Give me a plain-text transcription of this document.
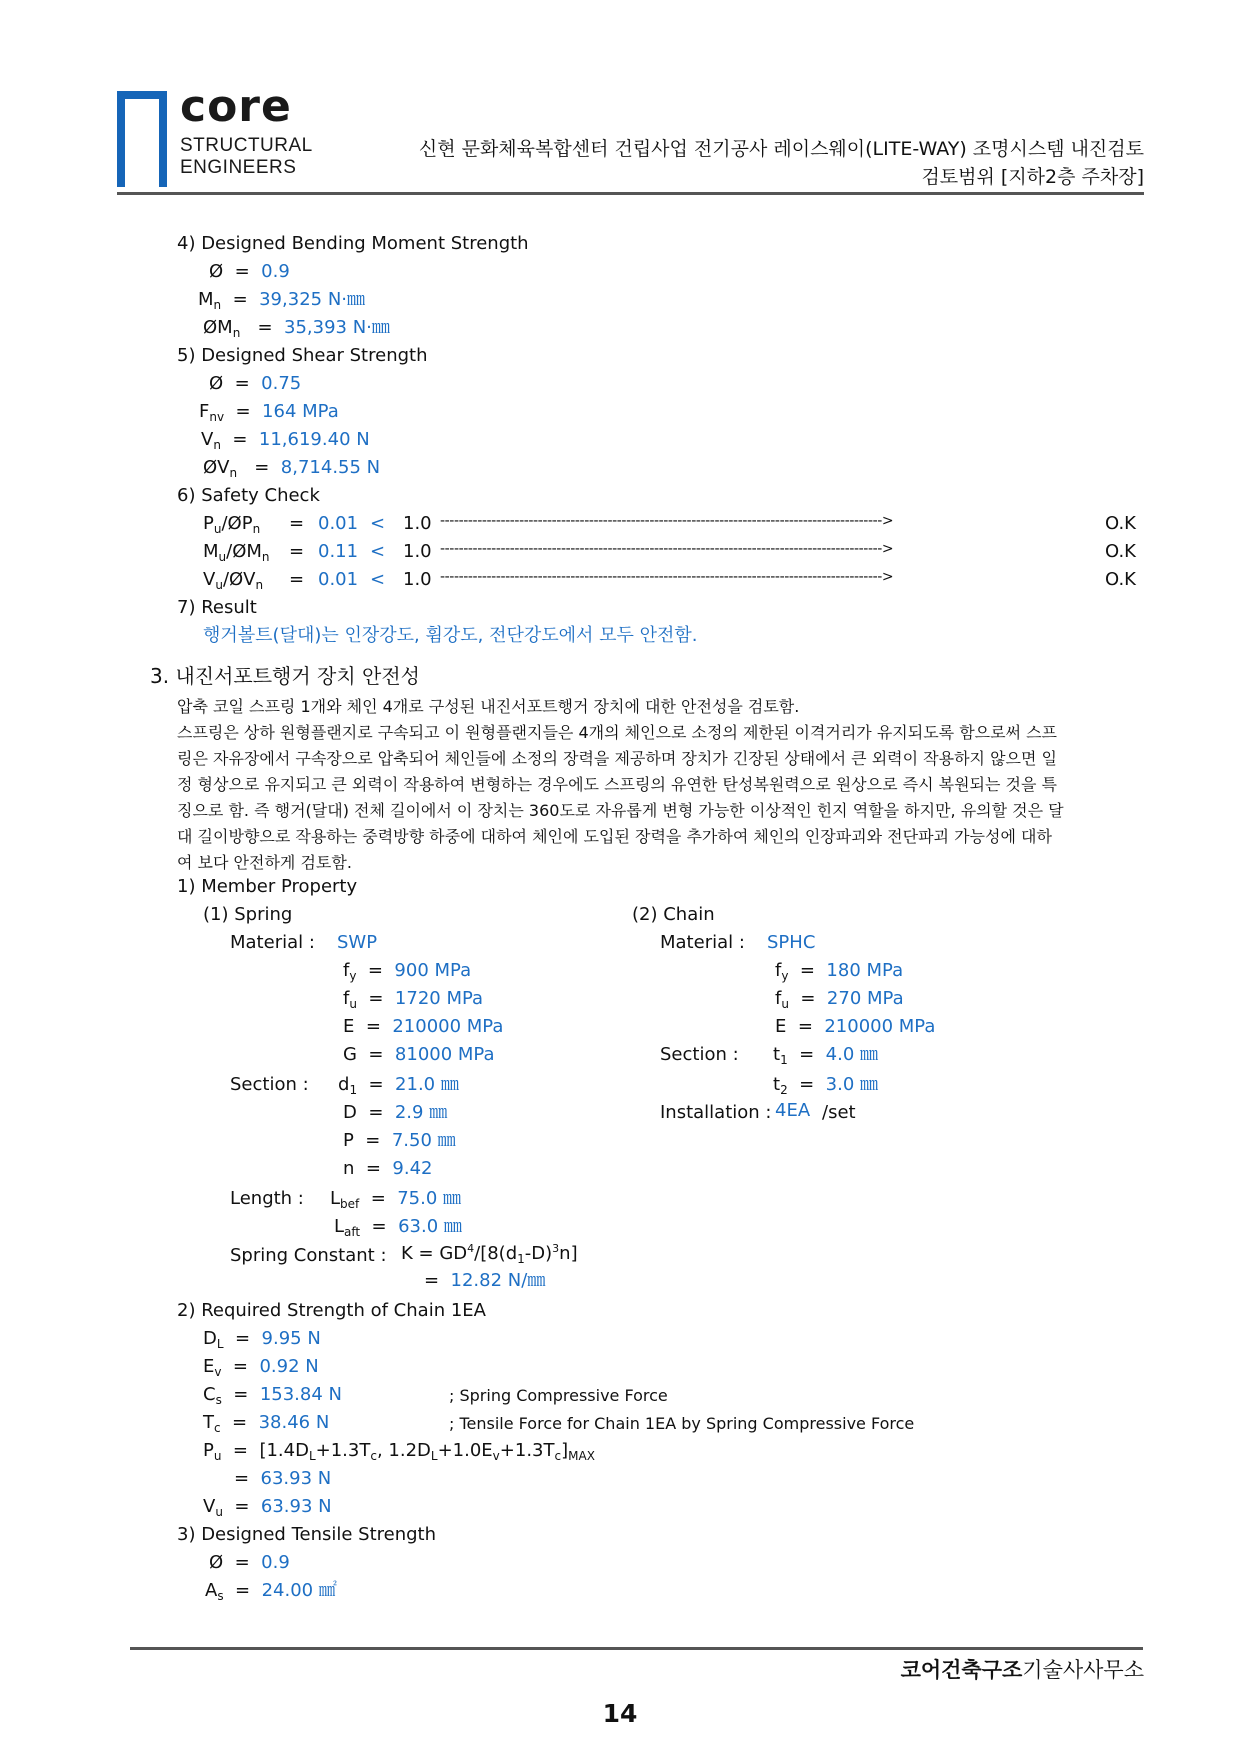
core
STRUCTURAL
ENGINEERS
신현 문화체육복합센터 건립사업 전기공사 레이스웨이(LITE-WAY) 조명시스템 내진검토
검토범위 [지하2층 주차장]
4) Designed Bending Moment Strength
Ø  =  0.9
$M_n = 39,325$ N·㎜
$ØM_n = 35,393$ N·㎜
5) Designed Shear Strength
Ø  =  0.75
$F_{nv} = 164$ MPa
$V_n = 11,619.40$ N
$ØV_n = 8,714.55$ N
6) Safety Check
$P_u/ØP_n = 0.01 < 1.0$ ----------------------------------------------------------------------------------------------->	O.K
$M_u/ØM_n = 0.11 < 1.0$ ----------------------------------------------------------------------------------------------->	O.K
$V_u/ØV_n = 0.01 < 1.0$ ----------------------------------------------------------------------------------------------->	O.K
7) Result
행거볼트(달대)는 인장강도, 휨강도, 전단강도에서 모두 안전함.
3. 내진서포트행거 장치 안전성

압축 코일 스프링 1개와 체인 4개로 구성된 내진서포트행거 장치에 대한 안전성을 검토함.

스프링은 상하 원형플랜지로 구속되고 이 원형플랜지들은 4개의 체인으로 소정의 제한된 이격거리가 유지되도록 함으로써 스프

링은 자유장에서 구속장으로 압축되어 체인들에 소정의 장력을 제공하며 장치가 긴장된 상태에서 큰 외력이 작용하지 않으면 일

정 형상으로 유지되고 큰 외력이 작용하여 변형하는 경우에도 스프링의 유연한 탄성복원력으로 원상으로 즉시 복원되는 것을 특

징으로 함. 즉 행거(달대) 전체 길이에서 이 장치는 360도로 자유롭게 변형 가능한 이상적인 힌지 역할을 하지만, 유의할 것은 달

대 길이방향으로 작용하는 중력방향 하중에 대하여 체인에 도입된 장력을 추가하여 체인의 인장파괴와 전단파괴 가능성에 대하

여 보다 안전하게 검토함.

1) Member Property
(1) Spring
Material : SWP
$f_y = 900$ MPa
$f_u = 1720$ MPa
E  =  210000 MPa
G  =  81000 MPa
Section : $d_1 = 21.0$ ㎜
D  =  2.9 ㎜
P  =  7.50 ㎜
n  =  9.42
Length : $L_{bef} = 75.0$ ㎜
$L_{aft} = 63.0$ ㎜
Spring Constant : $K = GD^4/[8(d_1-D)^3n]$
=  12.82 N/㎜
(2) Chain
Material : SPHC
$f_y = 180$ MPa
$f_u = 270$ MPa
E  =  210000 MPa
Section : $t_1 = 4.0$ ㎜
$t_2 = 3.0$ ㎜
Installation : 4EA /set
2) Required Strength of Chain 1EA
$D_L = 9.95$ N
$E_v = 0.92$ N
$C_s = 153.84$ N	; Spring Compressive Force
$T_c = 38.46$ N	; Tensile Force for Chain 1EA by Spring Compressive Force
$P_u = [1.4D_L+1.3T_c$, $1.2D_L+1.0E_v+1.3T_c]_{MAX}$
=  63.93 N
$V_u = 63.93$ N
3) Designed Tensile Strength
Ø  =  0.9
$A_s = 24.00$ ㎟
코어건축구조기술사사무소
14
